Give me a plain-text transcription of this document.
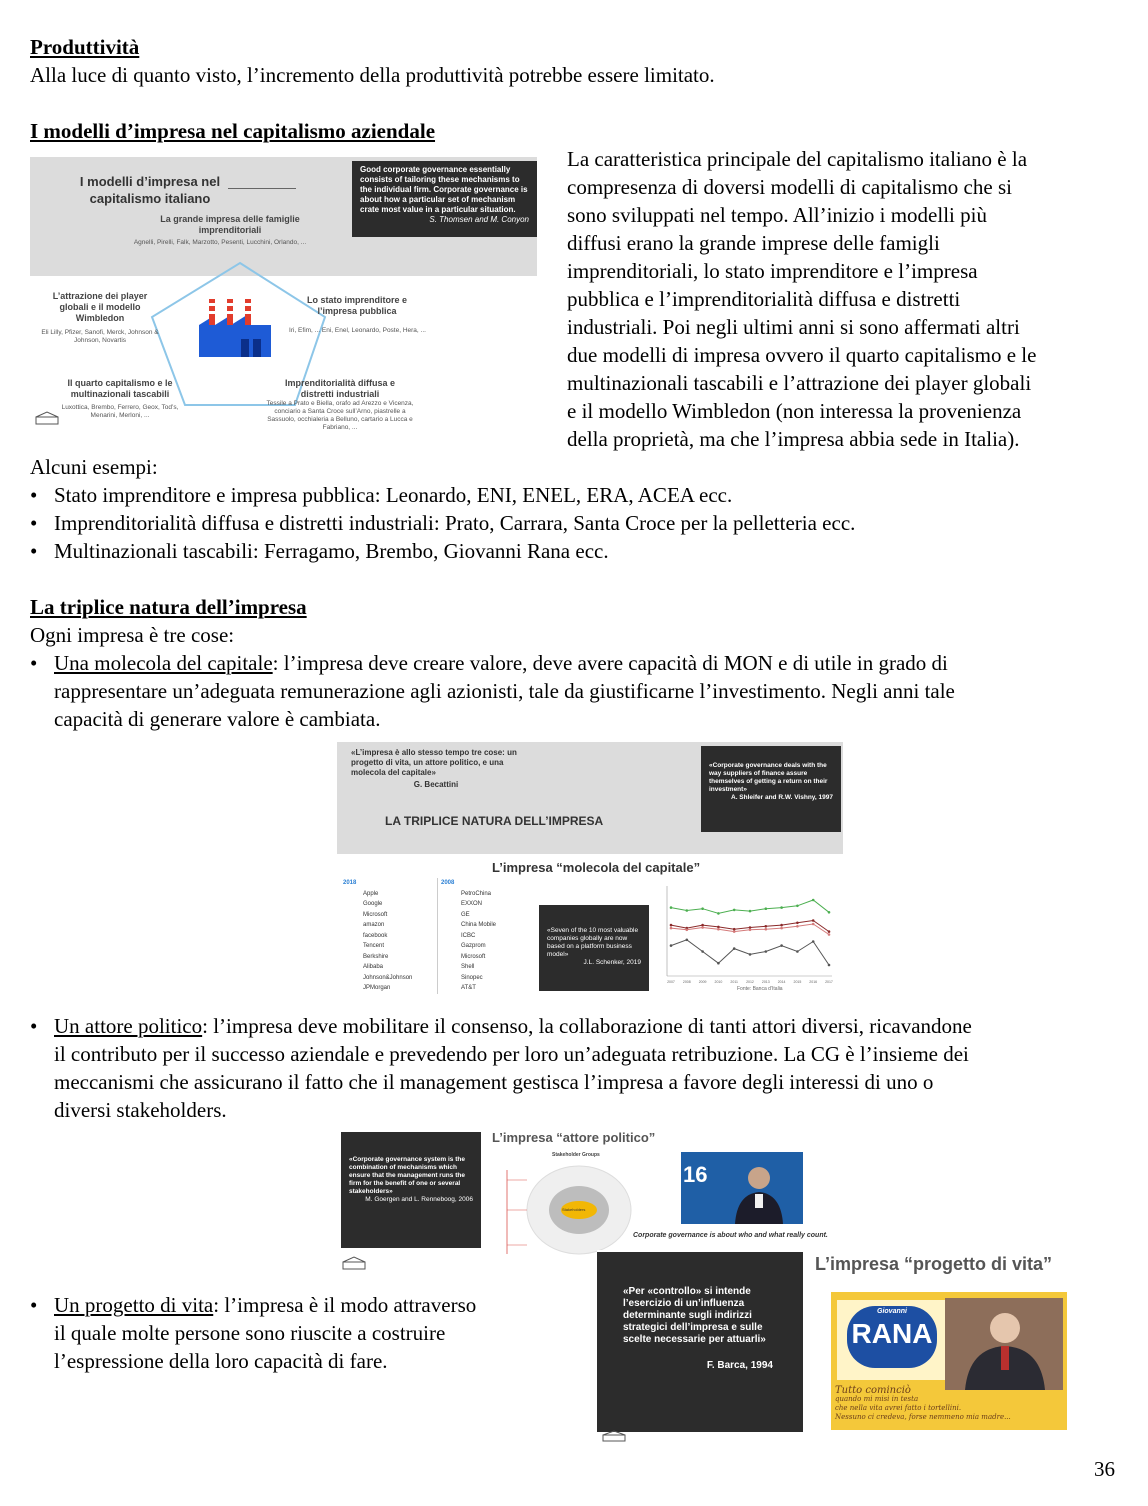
Produttività
Alla luce di quanto visto, l’incremento della produttività potrebbe essere limitato.
I modelli d’impresa nel capitalismo aziendale
I modelli d’impresa nel capitalismo italiano
Good corporate governance essentially consists of tailoring these mechanisms to the individual firm. Corporate governance is about how a particular set of mechanism crate most value in a particular situation.
S. Thomsen and M. Conyon
La grande impresa delle famiglie imprenditoriali
Agnelli, Pirelli, Falk, Marzotto, Pesenti, Lucchini, Orlando, ...
L’attrazione dei player globali e il modello Wimbledon
Eli Lilly, Pfizer, Sanofi, Merck, Johnson & Johnson, Novartis
Lo stato imprenditore e l’impresa pubblica
Iri, Efim, ... Eni, Enel, Leonardo, Poste, Hera, ...
Il quarto capitalismo e le multinazionali tascabili
Luxottica, Brembo, Ferrero, Geox, Tod’s, Menarini, Merloni, ...
Imprenditorialità diffusa e distretti industriali
Tessile a Prato e Biella, orafo ad Arezzo e Vicenza, conciario a Santa Croce sull’Arno, piastrelle a Sassuolo, occhialeria a Belluno, cartario a Lucca e Fabriano, ...
La caratteristica principale del capitalismo italiano è la
compresenza di doversi modelli di capitalismo che si
sono sviluppati nel tempo. All’inizio i modelli più
diffusi erano la grande imprese delle famigli
imprenditoriali, lo stato imprenditore e l’impresa
pubblica e l’imprenditorialità diffusa e distretti
industriali. Poi negli ultimi anni si sono affermati altri
due modelli di impresa ovvero il quarto capitalismo e le
multinazionali tascabili e l’attrazione dei player globali
e il modello Wimbledon (non interessa la provenienza
della proprietà, ma che l’impresa abbia sede in Italia).
Alcuni esempi:
• Stato imprenditore e impresa pubblica: Leonardo, ENI, ENEL, ERA, ACEA ecc.
• Imprenditorialità diffusa e distretti industriali: Prato, Carrara, Santa Croce per la pelletteria ecc.
• Multinazionali tascabili: Ferragamo, Brembo, Giovanni Rana ecc.
La triplice natura dell’impresa
Ogni impresa è tre cose:
• Una molecola del capitale: l’impresa deve creare valore, deve avere capacità di MON e di utile in grado di
rappresentare un’adeguata remunerazione agli azionisti, tale da giustificarne l’investimento. Negli anni tale
capacità di generare valore è cambiata.
«L’impresa è allo stesso tempo tre cose: un progetto di vita, un attore politico, e una molecola del capitale»
G. Becattini
LA TRIPLICE NATURA DELL’IMPRESA
«Corporate governance deals with the way suppliers of finance assure themselves of getting a return on their investment»
A. Shleifer and R.W. Vishny, 1997
L’impresa “molecola del capitale”
2018
Apple
Google
Microsoft
amazon
facebook
Tencent
Berkshire
Alibaba
Johnson&Johnson
JPMorgan
2008
PetroChina
EXXON
GE
China Mobile
ICBC
Gazprom
Microsoft
Shell
Sinopec
AT&T
«Seven of the 10 most valuable companies globally are now based on a platform business model»
J.L. Schenker, 2019
2007 2008 2009 2010 2011 2012 2013 2014 2015 2016 2017
Fonte: Banca d’Italia
• Un attore politico: l’impresa deve mobilitare il consenso, la collaborazione di tanti attori diversi, ricavandone
il contributo per il successo aziendale e prevedendo per loro un’adeguata retribuzione. La CG è l’insieme dei
meccanismi che assicurano il fatto che il management gestisca l’impresa a favore degli interessi di uno o
diversi stakeholders.
«Corporate governance system is the combination of mechanisms which ensure that the management runs the firm for the benefit of one or several stakeholders»
M. Goergen and L. Renneboog, 2006
L’impresa “attore politico”
Stakeholder Groups
Stakeholders
16
Corporate governance is about who and what really count.
«Per «controllo» si intende l’esercizio di un’influenza determinante sugli indirizzi strategici dell’impresa e sulle scelte necessarie per attuarli»
F. Barca, 1994
L’impresa “progetto di vita”
Giovanni
RANA
Tutto cominciò
quando mi misi in testa
che nella vita avrei fatto i tortellini.
Nessuno ci credeva, forse nemmeno mia madre...
• Un progetto di vita: l’impresa è il modo attraverso
il quale molte persone sono riuscite a costruire
l’espressione della loro capacità di fare.
36
